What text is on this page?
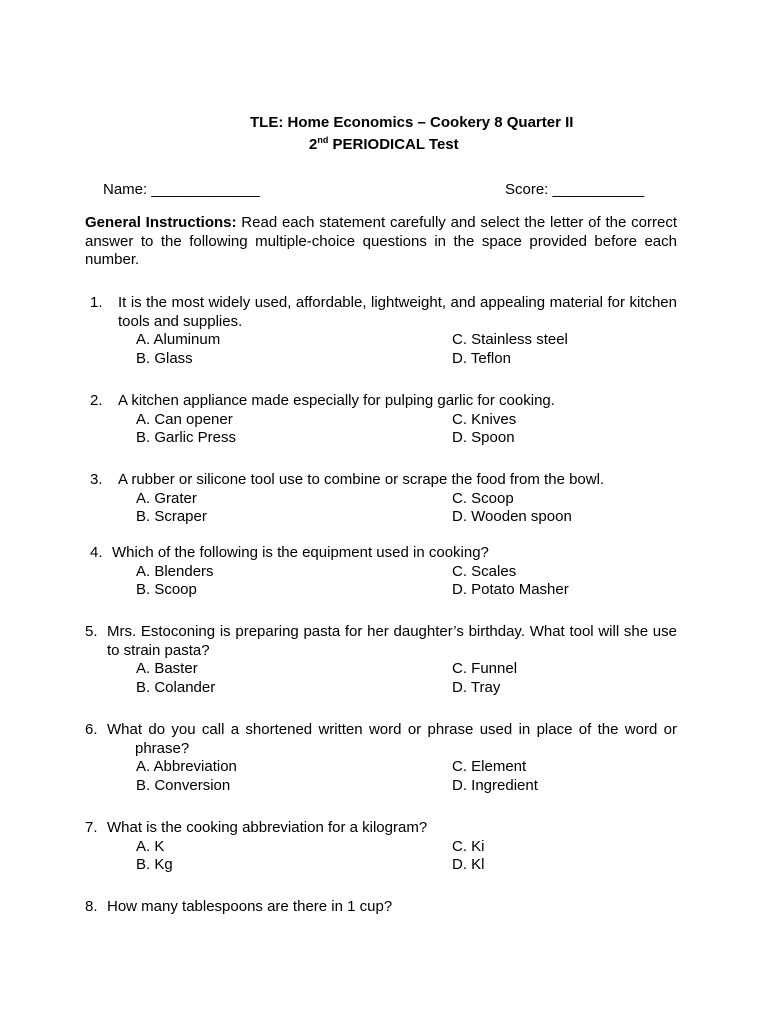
TLE: Home Economics – Cookery 8 Quarter II
2nd PERIODICAL Test
Name: _____________	Score: ___________
General Instructions: Read each statement carefully and select the letter of the correct answer to the following multiple-choice questions in the space provided before each number.
1.	It is the most widely used, affordable, lightweight, and appealing material for kitchen tools and supplies.
A. Aluminum
B. Glass
C. Stainless steel
D. Teflon
2.	A kitchen appliance made especially for pulping garlic for cooking.
A. Can opener
B. Garlic Press
C. Knives
D. Spoon
3.	A rubber or silicone tool use to combine or scrape the food from the bowl.
A. Grater
B. Scraper
C. Scoop
D. Wooden spoon
4. Which of the following is the equipment used in cooking?
A. Blenders
B. Scoop
C. Scales
D. Potato Masher
5. Mrs. Estoconing is preparing pasta for her daughter’s birthday. What tool will she use to strain pasta?
A. Baster
B. Colander
C. Funnel
D. Tray
6. What do you call a shortened written word or phrase used in place of the word or
phrase?
A. Abbreviation
B. Conversion
C. Element
D. Ingredient
7. What is the cooking abbreviation for a kilogram?
A. K
B. Kg
C. Ki
D. Kl
8. How many tablespoons are there in 1 cup?
